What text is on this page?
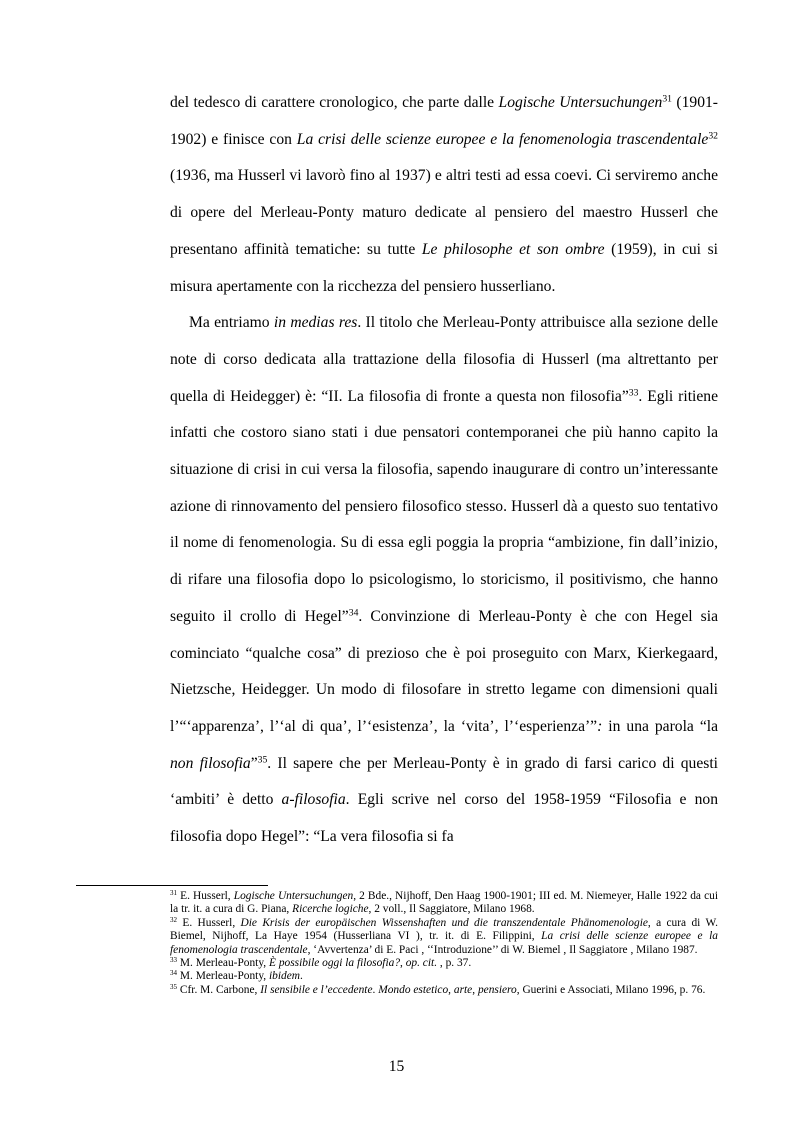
del tedesco di carattere cronologico, che parte dalle Logische Untersuchungen$^{31}$ (1901-1902) e finisce con La crisi delle scienze europee e la fenomenologia trascendentale$^{32}$ (1936, ma Husserl vi lavorò fino al 1937) e altri testi ad essa coevi. Ci serviremo anche di opere del Merleau-Ponty maturo dedicate al pensiero del maestro Husserl che presentano affinità tematiche: su tutte Le philosophe et son ombre (1959), in cui si misura apertamente con la ricchezza del pensiero husserliano.

Ma entriamo in medias res. Il titolo che Merleau-Ponty attribuisce alla sezione delle note di corso dedicata alla trattazione della filosofia di Husserl (ma altrettanto per quella di Heidegger) è: “II. La filosofia di fronte a questa non filosofia”$^{33}$. Egli ritiene infatti che costoro siano stati i due pensatori contemporanei che più hanno capito la situazione di crisi in cui versa la filosofia, sapendo inaugurare di contro un’interessante azione di rinnovamento del pensiero filosofico stesso. Husserl dà a questo suo tentativo il nome di fenomenologia. Su di essa egli poggia la propria “ambizione, fin dall’inizio, di rifare una filosofia dopo lo psicologismo, lo storicismo, il positivismo, che hanno seguito il crollo di Hegel”$^{34}$. Convinzione di Merleau-Ponty è che con Hegel sia cominciato “qualche cosa” di prezioso che è poi proseguito con Marx, Kierkegaard, Nietzsche, Heidegger. Un modo di filosofare in stretto legame con dimensioni quali l’“‘apparenza’, l’‘al di qua’, l’‘esistenza’, la ‘vita’, l’‘esperienza’”: in una parola “la non filosofia”$^{35}$. Il sapere che per Merleau-Ponty è in grado di farsi carico di questi ‘ambiti’ è detto a-filosofia. Egli scrive nel corso del 1958-1959 “Filosofia e non filosofia dopo Hegel”: “La vera filosofia si fa

$^{31}$ E. Husserl, Logische Untersuchungen, 2 Bde., Nijhoff, Den Haag 1900-1901; III ed. M. Niemeyer, Halle 1922 da cui la tr. it. a cura di G. Piana, Ricerche logiche, 2 voll., Il Saggiatore, Milano 1968.

$^{32}$ E. Husserl, Die Krisis der europäischen Wissenshaften und die transzendentale Phänomenologie, a cura di W. Biemel, Nijhoff, La Haye 1954 (Husserliana VI ), tr. it. di E. Filippini, La crisi delle scienze europee e la fenomenologia trascendentale, ‘Avvertenza’ di E. Paci , ‘‘Introduzione’’ di W. Biemel , Il Saggiatore , Milano 1987.

$^{33}$ M. Merleau-Ponty, È possibile oggi la filosofia?, op. cit. , p. 37.

$^{34}$ M. Merleau-Ponty, ibidem.

$^{35}$ Cfr. M. Carbone, Il sensibile e l’eccedente. Mondo estetico, arte, pensiero, Guerini e Associati, Milano 1996, p. 76.

15
